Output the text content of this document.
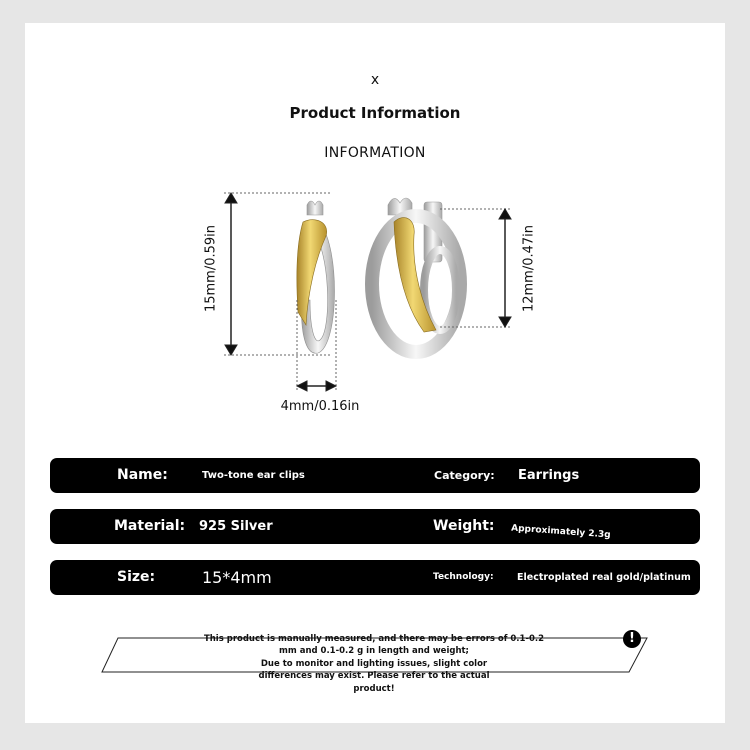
x
Product Information
INFORMATION
15mm/0.59in	12mm/0.47in
4mm/0.16in
Name:	Two-tone ear clips	Category: Earrings
Material: 925 Silver	Weight: Approximately 2.3g
Size:	15*4mm	Technology: Electroplated real gold/platinum
This product is manually measured, and there may be errors of 0.1-0.2
mm and 0.1-0.2 g in length and weight;
Due to monitor and lighting issues, slight color
differences may exist. Please refer to the actual
product!
!
